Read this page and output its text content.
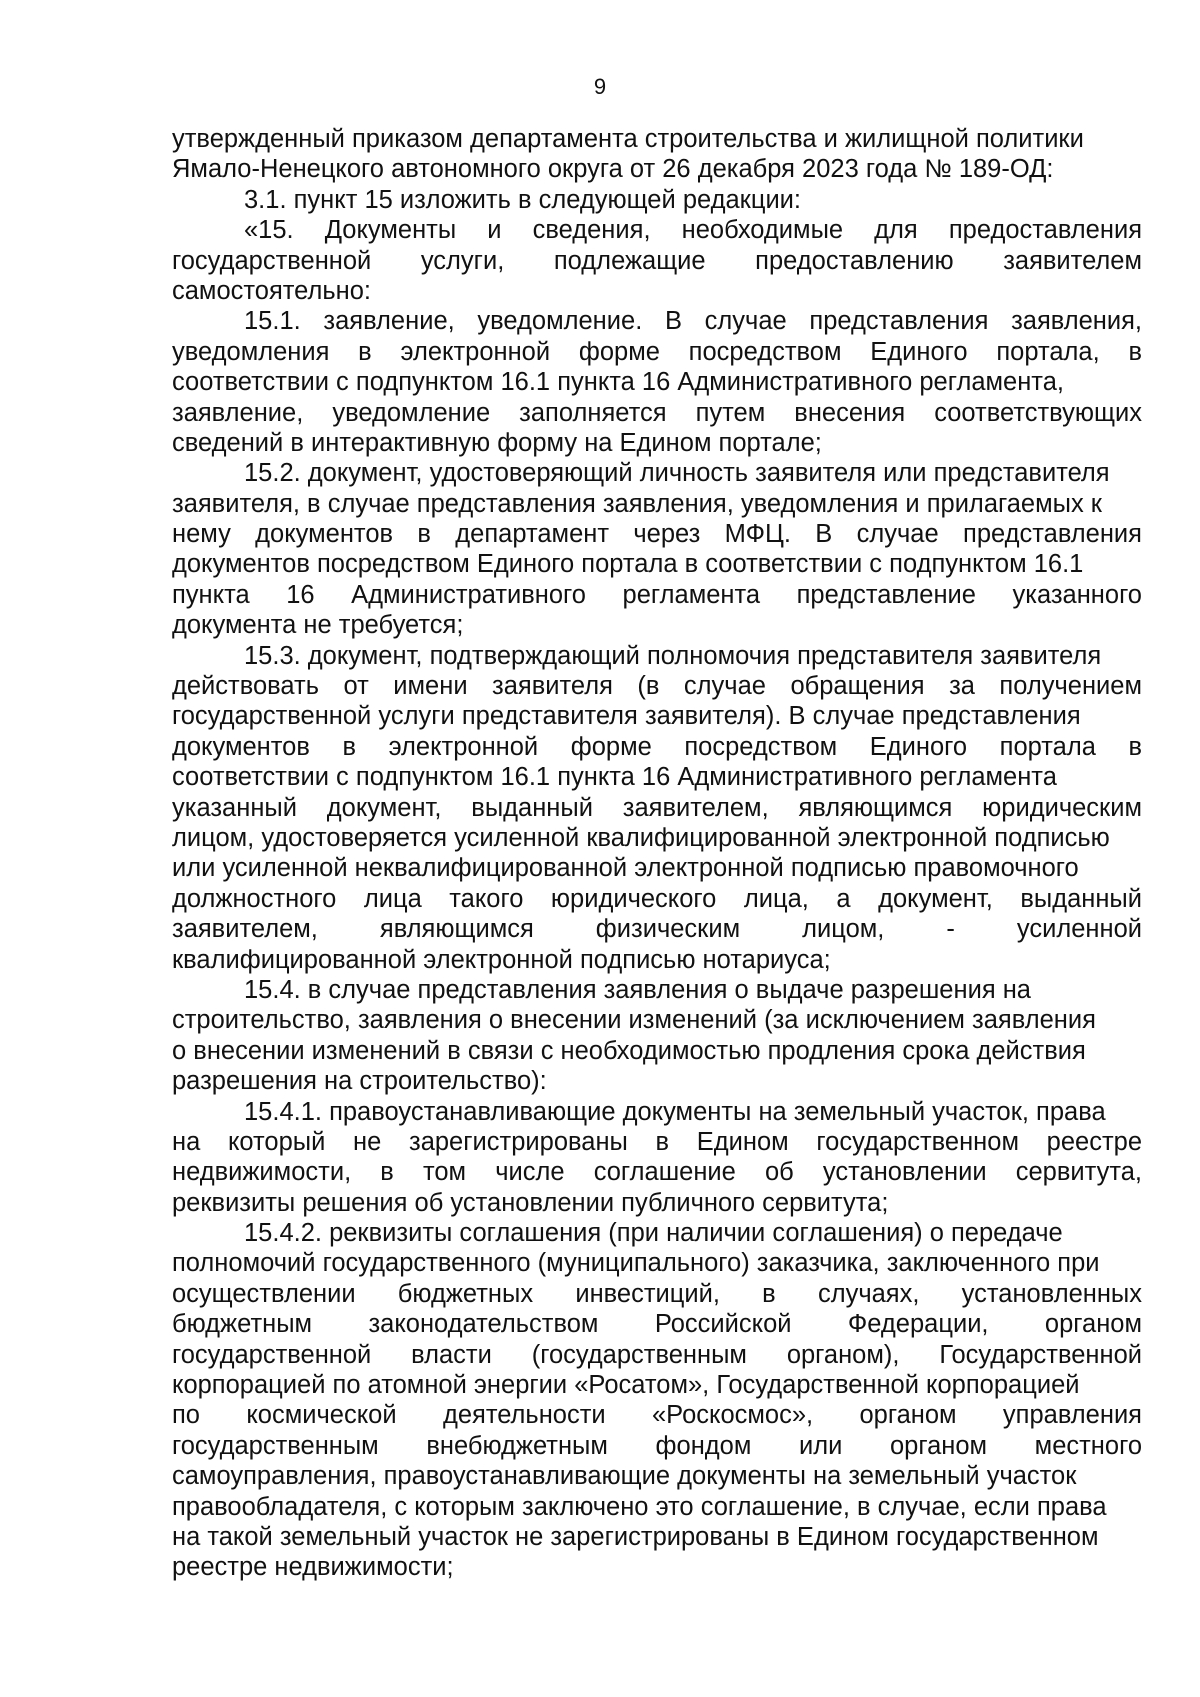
9
утвержденный приказом департамента строительства и жилищной политики
Ямало-Ненецкого автономного округа от 26 декабря 2023 года № 189-ОД:
3.1. пункт 15 изложить в следующей редакции:
«15. Документы и сведения, необходимые для предоставления
государственной услуги, подлежащие предоставлению заявителем
самостоятельно:
15.1. заявление, уведомление. В случае представления заявления,
уведомления в электронной форме посредством Единого портала, в
соответствии с подпунктом 16.1 пункта 16 Административного регламента,
заявление, уведомление заполняется путем внесения соответствующих
сведений в интерактивную форму на Едином портале;
15.2. документ, удостоверяющий личность заявителя или представителя
заявителя, в случае представления заявления, уведомления и прилагаемых к
нему документов в департамент через МФЦ. В случае представления
документов посредством Единого портала в соответствии с подпунктом 16.1
пункта 16 Административного регламента представление указанного
документа не требуется;
15.3. документ, подтверждающий полномочия представителя заявителя
действовать от имени заявителя (в случае обращения за получением
государственной услуги представителя заявителя). В случае представления
документов в электронной форме посредством Единого портала в
соответствии с подпунктом 16.1 пункта 16 Административного регламента
указанный документ, выданный заявителем, являющимся юридическим
лицом, удостоверяется усиленной квалифицированной электронной подписью
или усиленной неквалифицированной электронной подписью правомочного
должностного лица такого юридического лица, а документ, выданный
заявителем, являющимся физическим лицом, - усиленной
квалифицированной электронной подписью нотариуса;
15.4. в случае представления заявления о выдаче разрешения на
строительство, заявления о внесении изменений (за исключением заявления
о внесении изменений в связи с необходимостью продления срока действия
разрешения на строительство):
15.4.1. правоустанавливающие документы на земельный участок, права
на который не зарегистрированы в Едином государственном реестре
недвижимости, в том числе соглашение об установлении сервитута,
реквизиты решения об установлении публичного сервитута;
15.4.2. реквизиты соглашения (при наличии соглашения) о передаче
полномочий государственного (муниципального) заказчика, заключенного при
осуществлении бюджетных инвестиций, в случаях, установленных
бюджетным законодательством Российской Федерации, органом
государственной власти (государственным органом), Государственной
корпорацией по атомной энергии «Росатом», Государственной корпорацией
по космической деятельности «Роскосмос», органом управления
государственным внебюджетным фондом или органом местного
самоуправления, правоустанавливающие документы на земельный участок
правообладателя, с которым заключено это соглашение, в случае, если права
на такой земельный участок не зарегистрированы в Едином государственном
реестре недвижимости;
